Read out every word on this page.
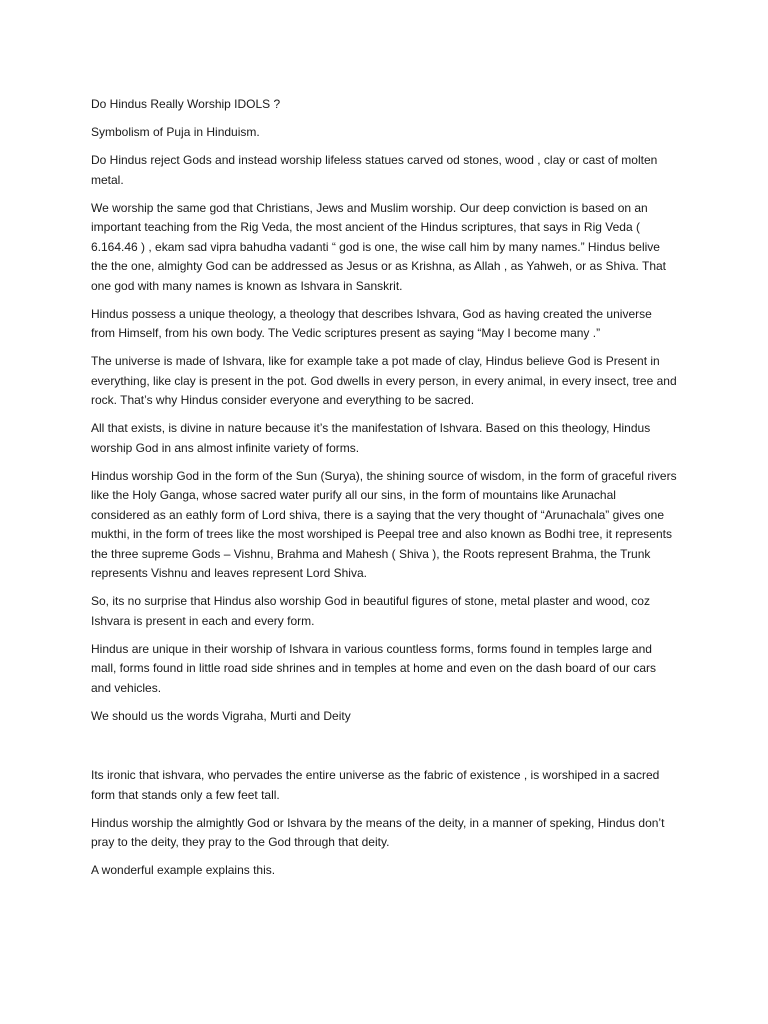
Do Hindus Really Worship IDOLS ?

Symbolism of Puja in Hinduism.

Do Hindus reject Gods and instead worship lifeless statues carved od stones, wood , clay or cast of molten metal.

We worship the same god that Christians, Jews and Muslim worship. Our deep conviction is based on an important teaching from the Rig Veda, the most ancient of the Hindus scriptures, that says in Rig Veda ( 6.164.46 ) , ekam sad vipra bahudha vadanti “ god is one, the wise call him by many names.” Hindus belive the the one, almighty God can be addressed as Jesus or as Krishna, as Allah , as Yahweh, or as Shiva. That one god with many names is known as Ishvara in Sanskrit.

Hindus possess a unique theology, a theology that describes Ishvara, God as having created the universe from Himself, from his own body. The Vedic scriptures present as saying “May I become many .”

The universe is made of Ishvara, like for example take a pot made of clay, Hindus believe God is Present in everything, like clay is present in the pot. God dwells in every person, in every animal, in every insect, tree and rock. That’s why Hindus consider everyone and everything to be sacred.

All that exists, is divine in nature because it’s the manifestation of Ishvara. Based on this theology, Hindus worship God in ans almost infinite variety of forms.

Hindus worship God in the form of the Sun (Surya), the shining source of wisdom, in the form of graceful rivers like the Holy Ganga, whose sacred water purify all our sins, in the form of mountains like Arunachal considered as an eathly form of Lord shiva, there is a saying that the very thought of “Arunachala” gives one mukthi, in the form of trees like the most worshiped is Peepal tree and also known as Bodhi tree, it represents the three supreme Gods – Vishnu, Brahma and Mahesh ( Shiva ), the Roots represent Brahma, the Trunk represents Vishnu and leaves represent Lord Shiva.

So, its no surprise that Hindus also worship God in beautiful figures of stone, metal plaster and wood, coz Ishvara is present in each and every form.

Hindus are unique in their worship of Ishvara in various countless forms, forms found in temples large and mall, forms found in little road side shrines and in temples at home and even on the dash board of our cars and vehicles.

We should us the words Vigraha, Murti and Deity

Its ironic that ishvara, who pervades the entire universe as the fabric of existence , is worshiped in a sacred form that stands only a few feet tall.

Hindus worship the almightly God or Ishvara by the means of the deity, in a manner of speking, Hindus don’t pray to the deity, they pray to the God through that deity.

A wonderful example explains this.
